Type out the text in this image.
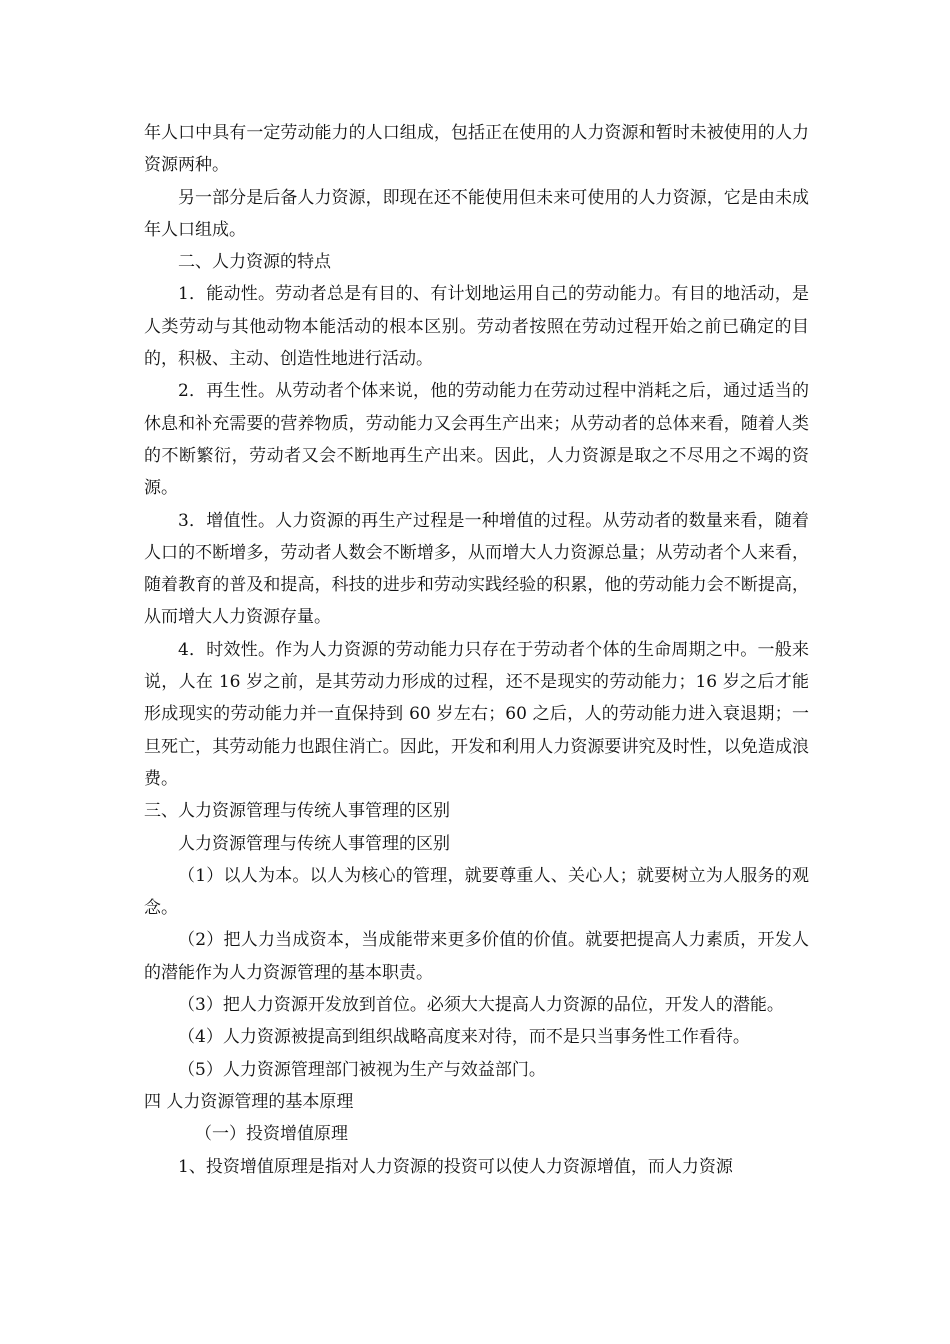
年人口中具有一定劳动能力的人口组成，包括正在使用的人力资源和暂时未被使用的人力资源两种。

另一部分是后备人力资源，即现在还不能使用但未来可使用的人力资源，它是由未成年人口组成。

二、人力资源的特点

1．能动性。劳动者总是有目的、有计划地运用自己的劳动能力。有目的地活动，是人类劳动与其他动物本能活动的根本区别。劳动者按照在劳动过程开始之前已确定的目的，积极、主动、创造性地进行活动。

2．再生性。从劳动者个体来说，他的劳动能力在劳动过程中消耗之后，通过适当的休息和补充需要的营养物质，劳动能力又会再生产出来；从劳动者的总体来看，随着人类的不断繁衍，劳动者又会不断地再生产出来。因此，人力资源是取之不尽用之不竭的资源。

3．增值性。人力资源的再生产过程是一种增值的过程。从劳动者的数量来看，随着人口的不断增多，劳动者人数会不断增多，从而增大人力资源总量；从劳动者个人来看，随着教育的普及和提高，科技的进步和劳动实践经验的积累，他的劳动能力会不断提高，从而增大人力资源存量。

4．时效性。作为人力资源的劳动能力只存在于劳动者个体的生命周期之中。一般来说，人在 16 岁之前，是其劳动力形成的过程，还不是现实的劳动能力；16 岁之后才能形成现实的劳动能力并一直保持到 60 岁左右；60 之后，人的劳动能力进入衰退期；一旦死亡，其劳动能力也跟住消亡。因此，开发和利用人力资源要讲究及时性，以免造成浪费。

三、人力资源管理与传统人事管理的区别

人力资源管理与传统人事管理的区别

（1）以人为本。以人为核心的管理，就要尊重人、关心人；就要树立为人服务的观念。

（2）把人力当成资本，当成能带来更多价值的价值。就要把提高人力素质，开发人的潜能作为人力资源管理的基本职责。

（3）把人力资源开发放到首位。必须大大提高人力资源的品位，开发人的潜能。

（4）人力资源被提高到组织战略高度来对待，而不是只当事务性工作看待。

（5）人力资源管理部门被视为生产与效益部门。

四 人力资源管理的基本原理

（一）投资增值原理

1、投资增值原理是指对人力资源的投资可以使人力资源增值，而人力资源
